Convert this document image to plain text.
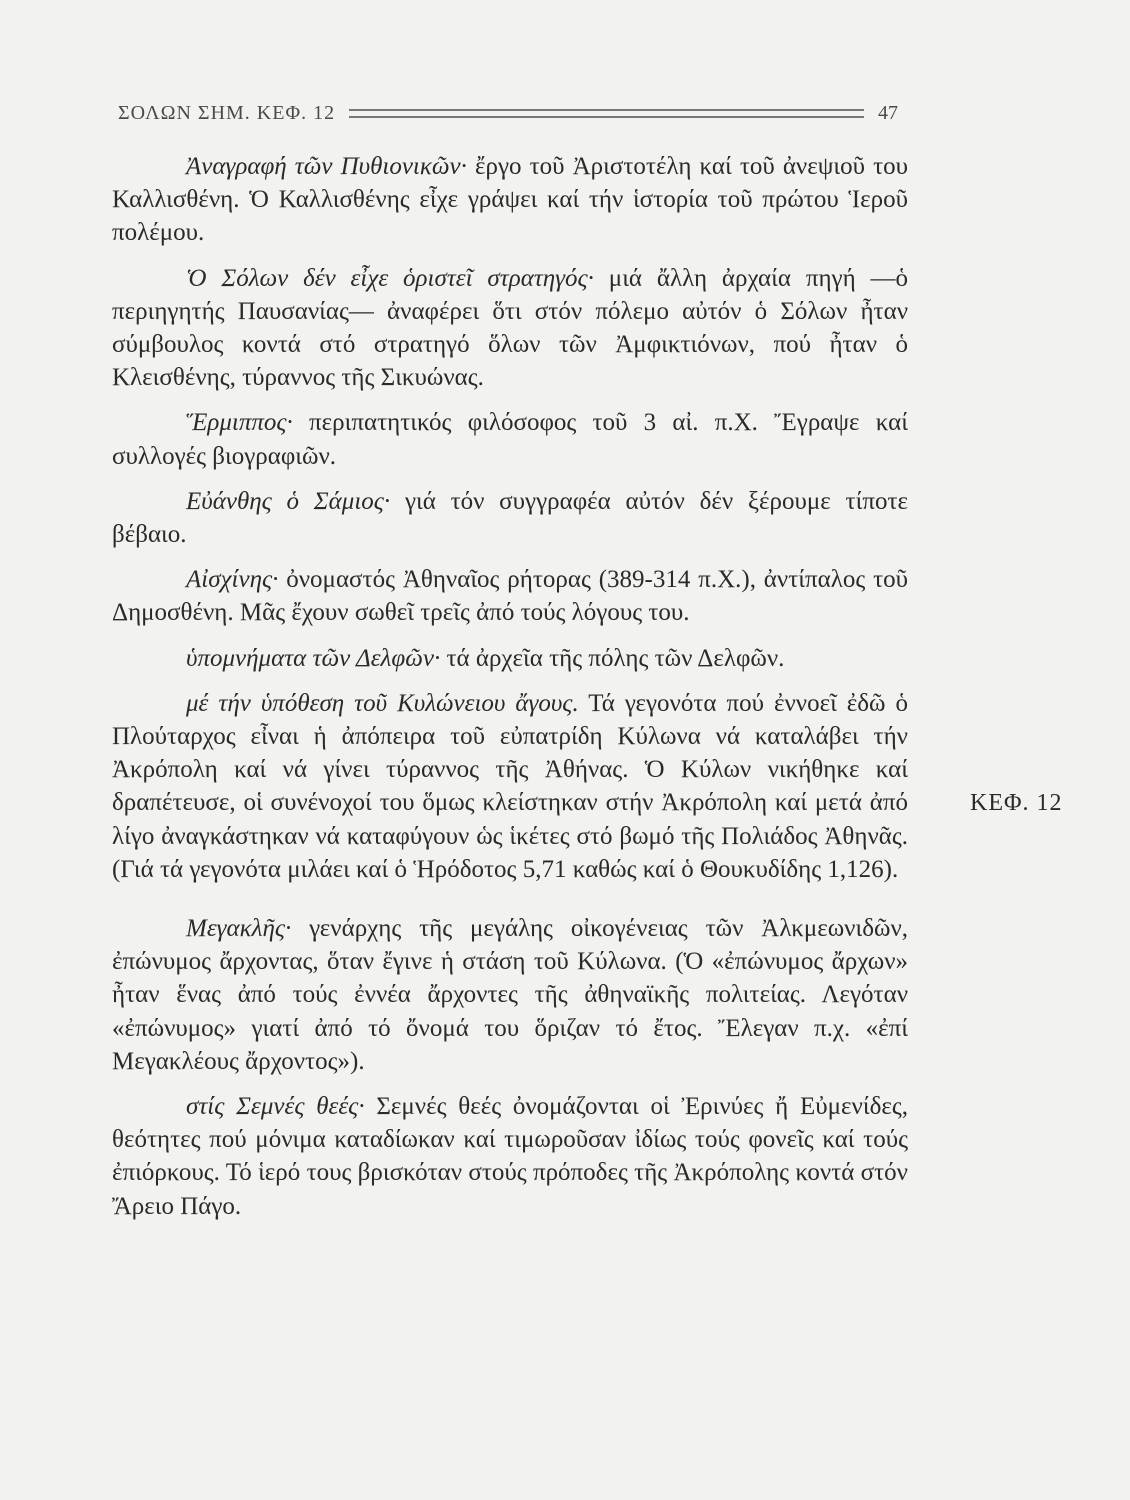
ΣΟΛΩΝ ΣΗΜ. ΚΕΦ. 12	47

Ἀναγραφή τῶν Πυθιονικῶν· ἔργο τοῦ Ἀριστοτέλη καί τοῦ ἀνεψιοῦ του Καλλισθένη. Ὁ Καλλισθένης εἶχε γράψει καί τήν ἱστορία τοῦ πρώτου Ἱεροῦ πολέμου.

Ὁ Σόλων δέν εἶχε ὁριστεῖ στρατηγός· μιά ἄλλη ἀρχαία πηγή —ὁ περιηγητής Παυσανίας— ἀναφέρει ὅτι στόν πόλεμο αὐτόν ὁ Σόλων ἦταν σύμβουλος κοντά στό στρατηγό ὅλων τῶν Ἀμφικτιόνων, πού ἦταν ὁ Κλεισθένης, τύραννος τῆς Σικυώνας.

Ἕρμιππος· περιπατητικός φιλόσοφος τοῦ 3 αἰ. π.Χ. Ἔγραψε καί συλλογές βιογραφιῶν.

Εὐάνθης ὁ Σάμιος· γιά τόν συγγραφέα αὐτόν δέν ξέρουμε τίποτε βέβαιο.

Αἰσχίνης· ὀνομαστός Ἀθηναῖος ρήτορας (389-314 π.Χ.), ἀντίπαλος τοῦ Δημοσθένη. Μᾶς ἔχουν σωθεῖ τρεῖς ἀπό τούς λόγους του.

ὑπομνήματα τῶν Δελφῶν· τά ἀρχεῖα τῆς πόλης τῶν Δελφῶν.

μέ τήν ὑπόθεση τοῦ Κυλώνειου ἄγους. Τά γεγονότα πού ἐννοεῖ ἐδῶ ὁ Πλούταρχος εἶναι ἡ ἀπόπειρα τοῦ εὐπατρίδη Κύλωνα νά καταλάβει τήν Ἀκρόπολη καί νά γίνει τύραννος τῆς Ἀθήνας. Ὁ Κύλων νικήθηκε καί δραπέτευσε, οἱ συνένοχοί του ὅμως κλείστηκαν στήν Ἀκρόπολη καί μετά ἀπό λίγο ἀναγκάστηκαν νά καταφύγουν ὡς ἱκέτες στό βωμό τῆς Πολιάδος Ἀθηνᾶς. (Γιά τά γεγονότα μιλάει καί ὁ Ἡρόδοτος 5,71 καθώς καί ὁ Θουκυδίδης 1,126).

Μεγακλῆς· γενάρχης τῆς μεγάλης οἰκογένειας τῶν Ἀλκμεωνιδῶν, ἐπώνυμος ἄρχοντας, ὅταν ἔγινε ἡ στάση τοῦ Κύλωνα. (Ὁ «ἐπώνυμος ἄρχων» ἦταν ἕνας ἀπό τούς ἐννέα ἄρχοντες τῆς ἀθηναϊκῆς πολιτείας. Λεγόταν «ἐπώνυμος» γιατί ἀπό τό ὄνομά του ὅριζαν τό ἔτος. Ἔλεγαν π.χ. «ἐπί Μεγακλέους ἄρχοντος»).

στίς Σεμνές θεές· Σεμνές θεές ὀνομάζονται οἱ Ἐρινύες ἤ Εὐμενίδες, θεότητες πού μόνιμα καταδίωκαν καί τιμωροῦσαν ἰδίως τούς φονεῖς καί τούς ἐπιόρκους. Τό ἱερό τους βρισκόταν στούς πρόποδες τῆς Ἀκρόπολης κοντά στόν Ἄρειο Πάγο.

ΚΕΦ. 12
